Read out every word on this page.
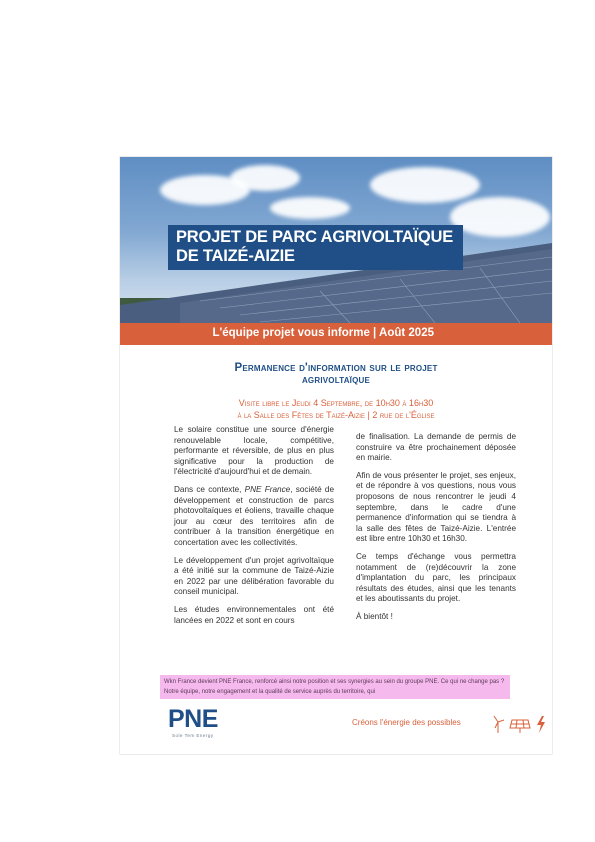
PROJET DE PARC AGRIVOLTAÏQUE
DE TAIZÉ-AIZIE
L'équipe projet vous informe | Août 2025
Permanence d'information sur le projet
agrivoltaïque
Visite libre le Jeudi 4 Septembre, de 10h30 à 16h30
à la Salle des Fêtes de Taizé-Aizie | 2 rue de l'Église

Le solaire constitue une source d'énergie renouvelable locale, compétitive, performante et réversible, de plus en plus significative pour la production de l'électricité d'aujourd'hui et de demain.

Dans ce contexte, PNE France, société de développement et construction de parcs photovoltaïques et éoliens, travaille chaque jour au cœur des territoires afin de contribuer à la transition énergétique en concertation avec les collectivités.

Le développement d'un projet agrivoltaïque a été initié sur la commune de Taizé-Aizie en 2022 par une délibération favorable du conseil municipal.

Les études environnementales ont été lancées en 2022 et sont en cours

de finalisation. La demande de permis de construire va être prochainement déposée en mairie.

Afin de vous présenter le projet, ses enjeux, et de répondre à vos questions, nous vous proposons de nous rencontrer le jeudi 4 septembre, dans le cadre d'une permanence d'information qui se tiendra à la salle des fêtes de Taizé-Aizie. L'entrée est libre entre 10h30 et 16h30.

Ce temps d'échange vous permettra notamment de (re)découvrir la zone d'implantation du parc, les principaux résultats des études, ainsi que les tenants et les aboutissants du projet.

À bientôt !

Wkn France devient PNE France, renforcé ainsi notre position et ses synergies au sein du groupe PNE. Ce qui ne change pas ? Notre équipe, notre engagement et la qualité de service auprès du territoire, qui
PNE
Sole Tem Energy
Créons l'énergie des possibles
